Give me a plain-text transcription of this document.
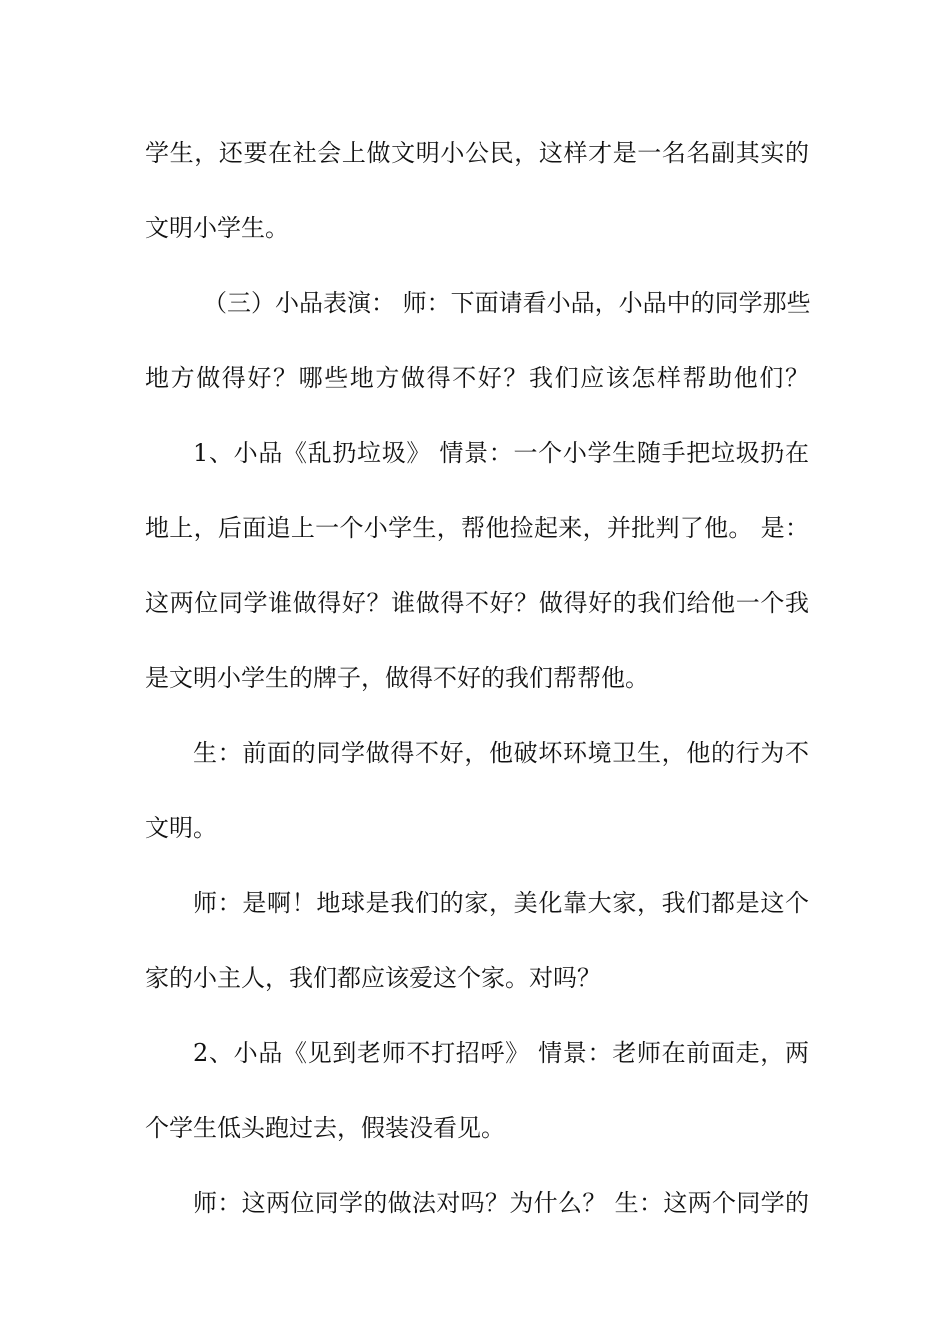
学生，还要在社会上做文明小公民，这样才是一名名副其实的
文明小学生。
（三）小品表演： 师：下面请看小品，小品中的同学那些
地方做得好？哪些地方做得不好？我们应该怎样帮助他们？
1、小品《乱扔垃圾》 情景：一个小学生随手把垃圾扔在
地上，后面追上一个小学生，帮他捡起来，并批判了他。 是：
这两位同学谁做得好？谁做得不好？做得好的我们给他一个我
是文明小学生的牌子，做得不好的我们帮帮他。
生：前面的同学做得不好，他破坏环境卫生，他的行为不
文明。
师：是啊！地球是我们的家，美化靠大家，我们都是这个
家的小主人，我们都应该爱这个家。对吗？
2、小品《见到老师不打招呼》 情景：老师在前面走，两
个学生低头跑过去，假装没看见。
师：这两位同学的做法对吗？为什么？ 生：这两个同学的
